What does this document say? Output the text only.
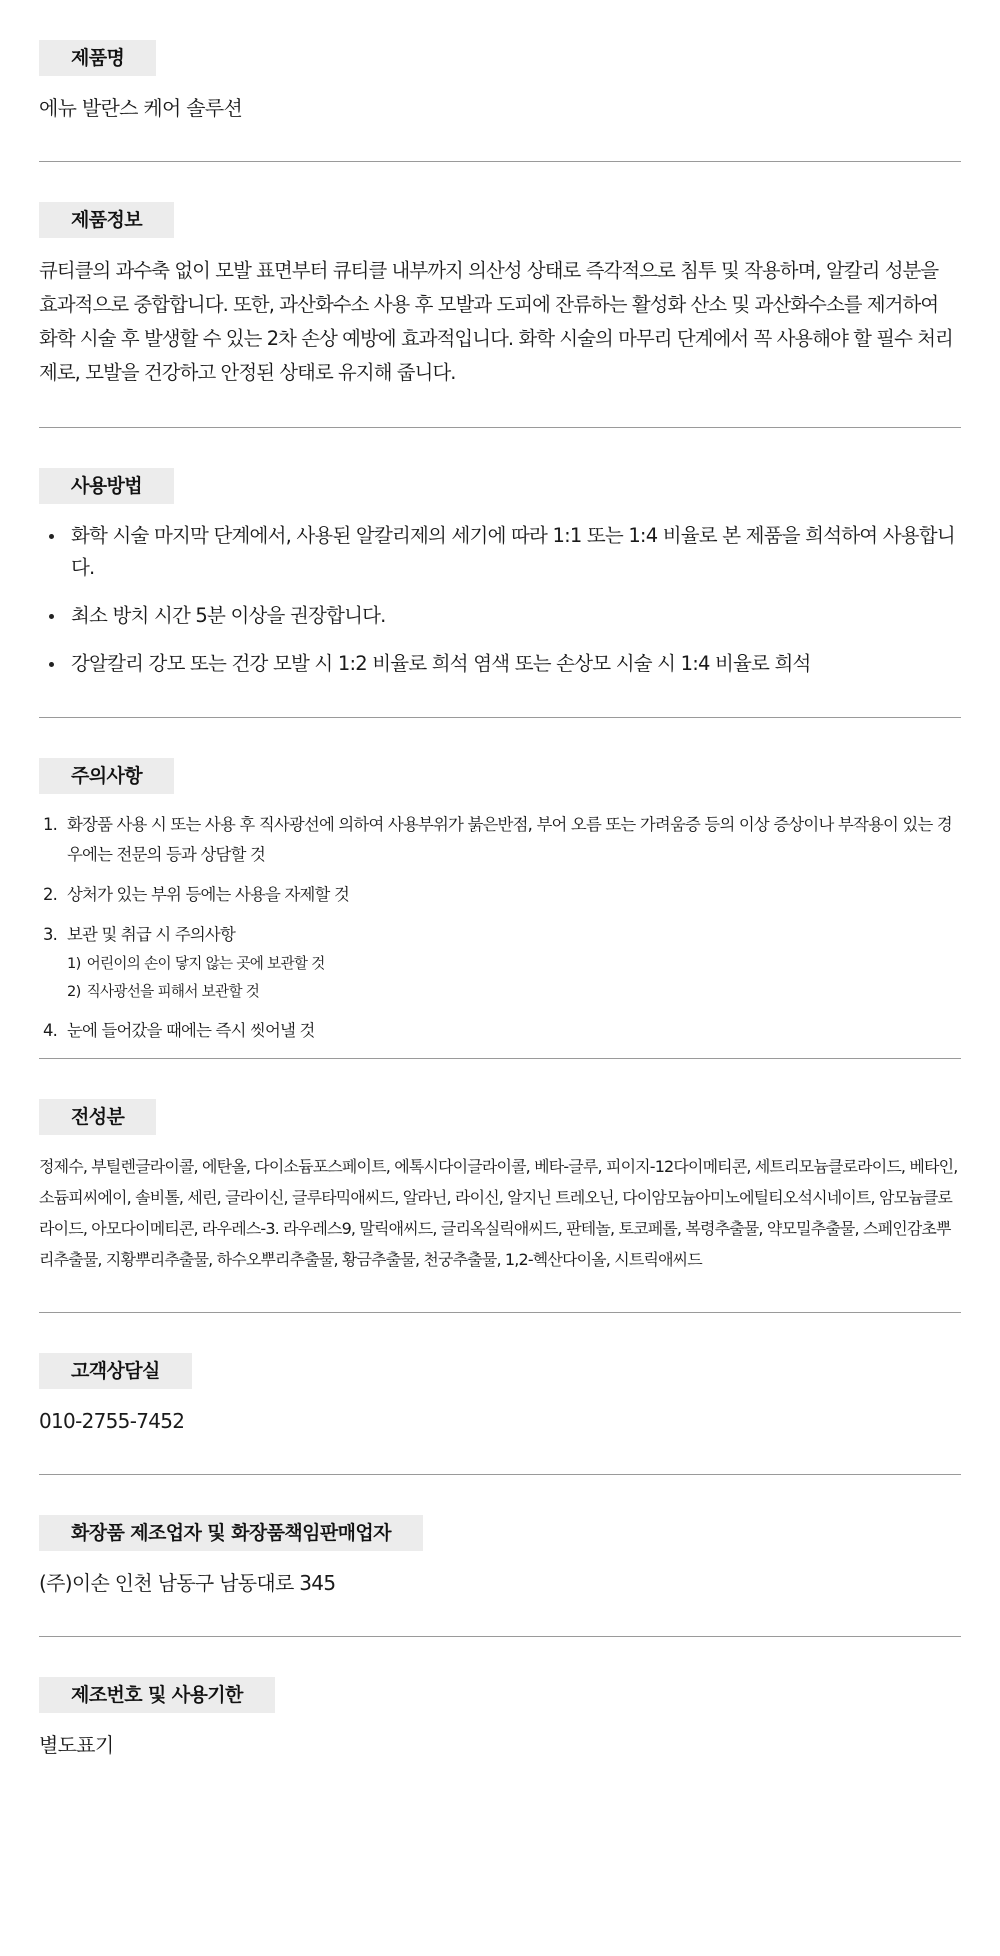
제품명

에뉴 발란스 케어 솔루션

제품정보

큐티클의 과수축 없이 모발 표면부터 큐티클 내부까지 의산성 상태로 즉각적으로 침투 및 작용하며, 알칼리 성분을 효과적으로 중합합니다. 또한, 과산화수소 사용 후 모발과 도피에 잔류하는 활성화 산소 및 과산화수소를 제거하여 화학 시술 후 발생할 수 있는 2차 손상 예방에 효과적입니다. 화학 시술의 마무리 단계에서 꼭 사용해야 할 필수 처리제로, 모발을 건강하고 안정된 상태로 유지해 줍니다.

사용방법
화학 시술 마지막 단계에서, 사용된 알칼리제의 세기에 따라 1:1 또는 1:4 비율로 본 제품을 희석하여 사용합니다.
최소 방치 시간 5분 이상을 권장합니다.
강알칼리 강모 또는 건강 모발 시 1:2 비율로 희석 염색 또는 손상모 시술 시 1:4 비율로 희석
주의사항
1. 화장품 사용 시 또는 사용 후 직사광선에 의하여 사용부위가 붉은반점, 부어 오름 또는 가려움증 등의 이상 증상이나 부작용이 있는 경우에는 전문의 등과 상담할 것
2. 상처가 있는 부위 등에는 사용을 자제할 것
3. 보관 및 취급 시 주의사항
1) 어린이의 손이 닿지 않는 곳에 보관할 것
2) 직사광선을 피해서 보관할 것
4. 눈에 들어갔을 때에는 즉시 씻어낼 것
전성분

정제수, 부틸렌글라이콜, 에탄올, 다이소듐포스페이트, 에톡시다이글라이콜, 베타-글루, 피이지-12다이메티콘, 세트리모늄클로라이드, 베타인, 소듐피씨에이, 솔비톨, 세린, 글라이신, 글루타믹애씨드, 알라닌, 라이신, 알지닌 트레오닌, 다이암모늄아미노에틸티오석시네이트, 암모늄클로라이드, 아모다이메티콘, 라우레스-3. 라우레스9, 말릭애씨드, 글리옥실릭애씨드, 판테놀, 토코페롤, 복령추출물, 약모밀추출물, 스페인감초뿌리추출물, 지황뿌리추출물, 하수오뿌리추출물, 황금추출물, 천궁추출물, 1,2-헥산다이올, 시트릭애씨드

고객상담실

010-2755-7452

화장품 제조업자 및 화장품책임판매업자

(주)이손 인천 남동구 남동대로 345

제조번호 및 사용기한

별도표기
